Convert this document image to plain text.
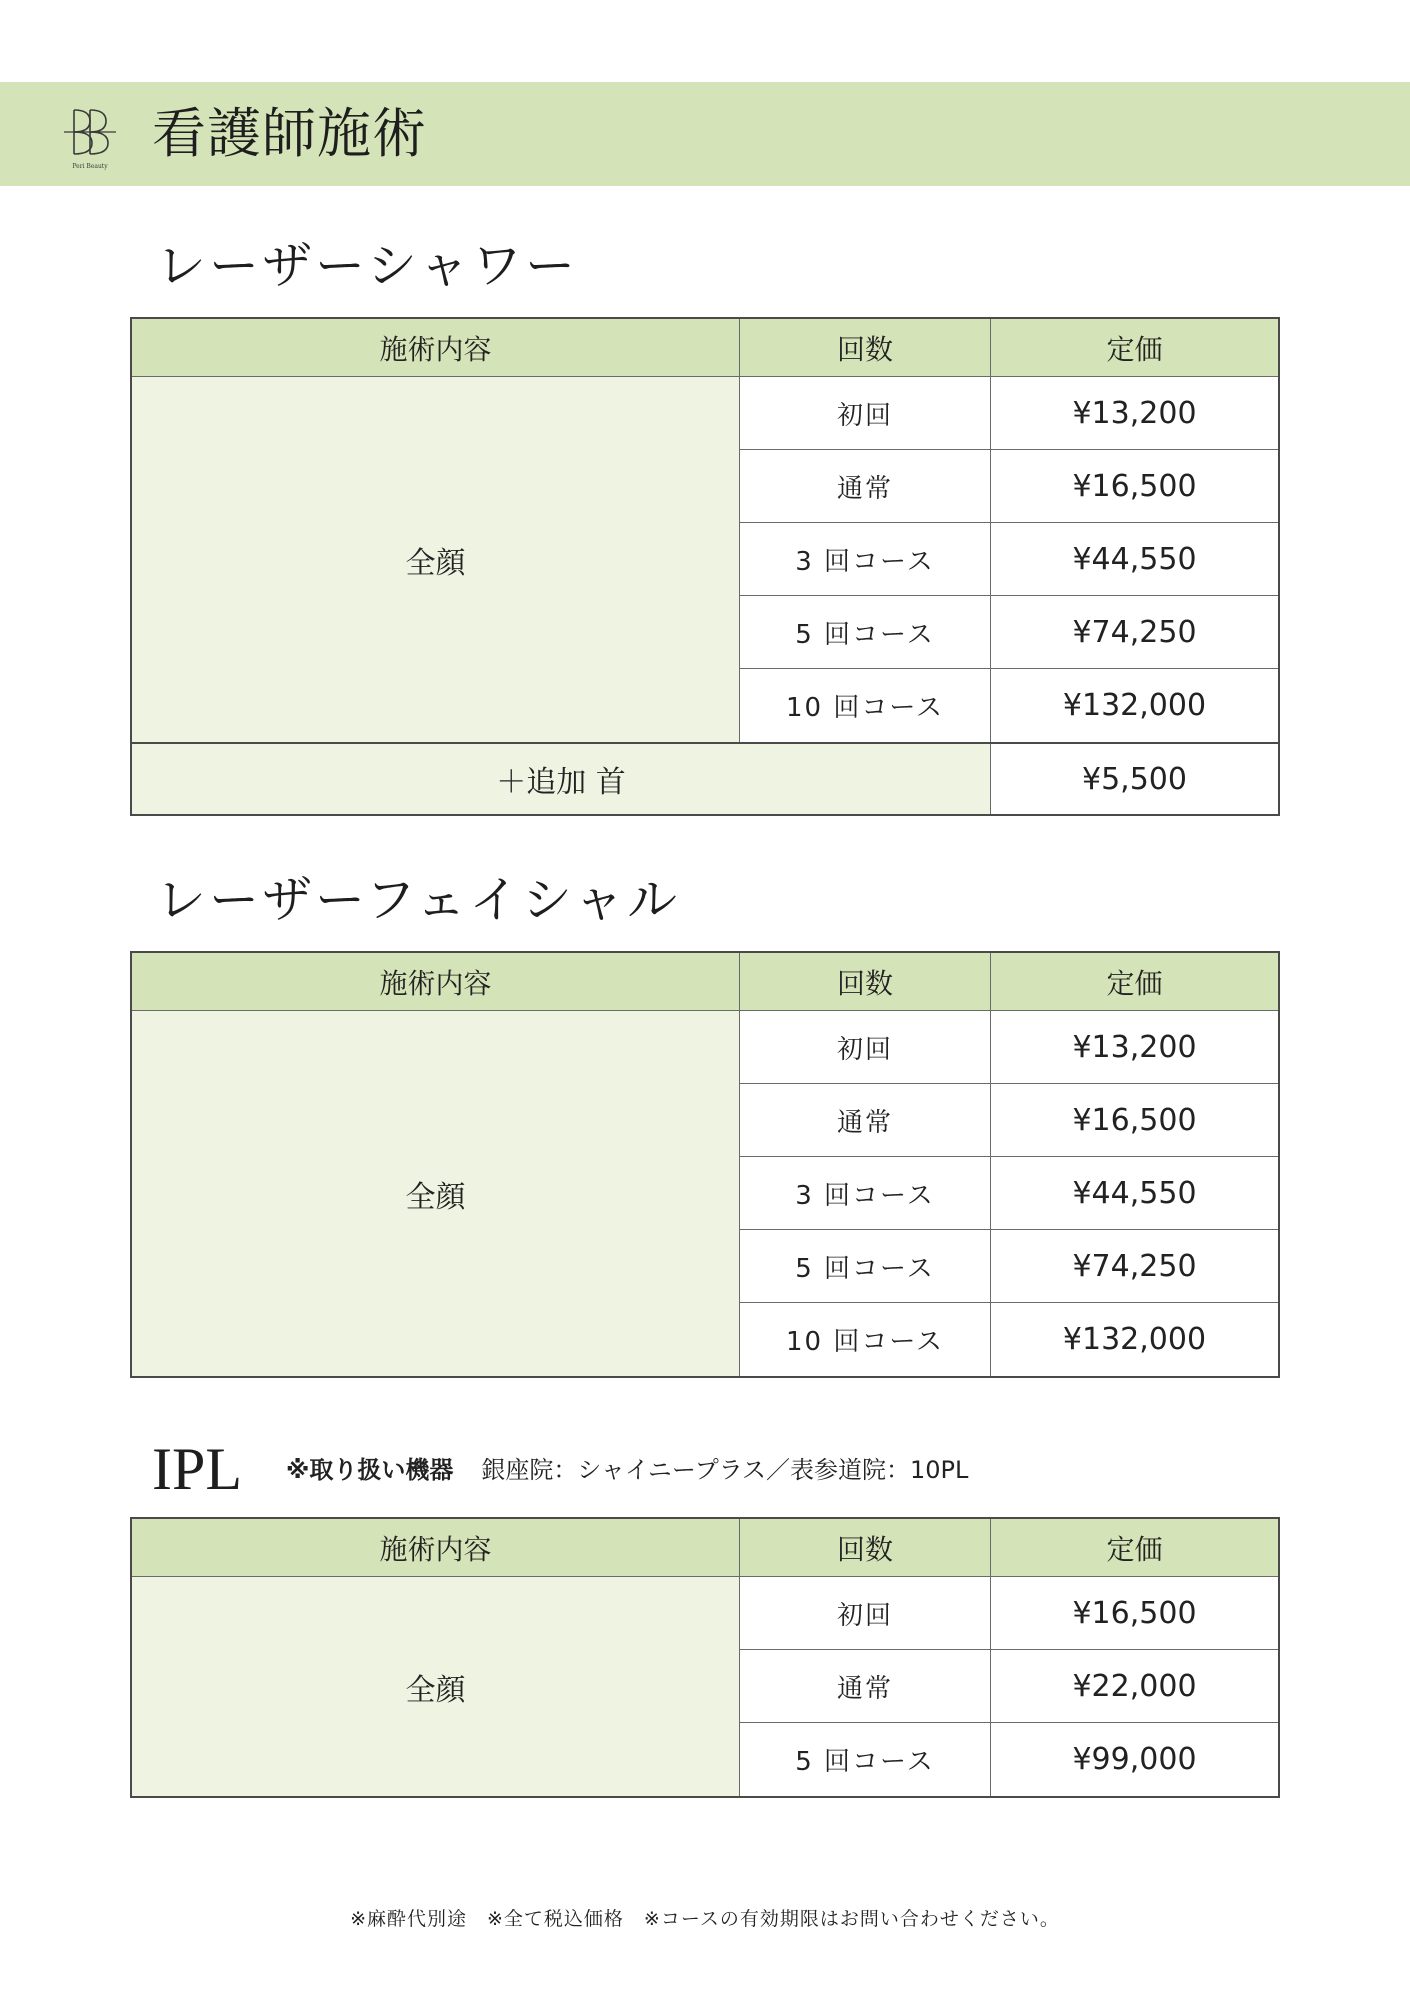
Peri Beauty
看護師施術
レーザーシャワー
施術内容	回数	定価
全顔
初回	¥13,200
通常	¥16,500
3 回コース	¥44,550
5 回コース	¥74,250
10 回コース	¥132,000
＋追加 首	¥5,500
レーザーフェイシャル
施術内容	回数	定価
全顔
初回	¥13,200
通常	¥16,500
3 回コース	¥44,550
5 回コース	¥74,250
10 回コース	¥132,000
IPL ※取り扱い機器 銀座院：シャイニープラス／表参道院：10PL
施術内容	回数	定価
全顔
初回	¥16,500
通常	¥22,000
5 回コース	¥99,000
※麻酔代別途　※全て税込価格　※コースの有効期限はお問い合わせください。
